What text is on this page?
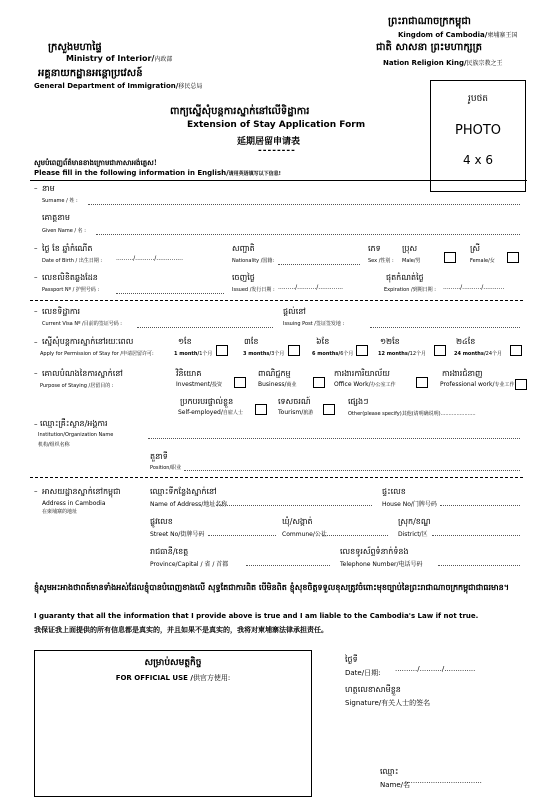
ក្រសួងមហាផ្ទៃ
Ministry of Interior/内政部
អគ្គនាយកដ្ឋានអន្តោប្រវេសន៍
General Department of Immigration/移民总局
ព្រះរាជាណាចក្រកម្ពុជា
Kingdom of Cambodia/柬埔寨王国
ជាតិ សាសនា ព្រះមហាក្សត្រ
Nation Religion King/民族宗教之王
រូបថត
PHOTO
4 x 6
ពាក្យស្នើសុំបន្តការស្នាក់នៅលើទិដ្ឋាការ
Extension of Stay Application Form
延期居留申请表
--------
សូមបំពេញព័ត៌មានខាងក្រោមជាភាសាអង់គ្លេស!
Please fill in the following information in English/请用英语填写以下信息!
– នាម
Surname / 姓 :
គោត្តនាម
Given Name / 名 :
– ថ្ងៃ ខែ ឆ្នាំកំណើត
Date of Birth / 出生日期 : ........./........../..............
សញ្ជាតិ
Nationality /国籍:
ភេទ
Sex /性别 :
ប្រុស
Male/男
ស្រី
Female/女
– លេខលិខិតឆ្លងដែន
Passport Nº / 护照号码 :
ចេញថ្ងៃ
Issued /发行日期 : ........./........../.............
ផុតកំណត់ថ្ងៃ
Expiration /到期日期 : ........./........../...........
– លេខទិដ្ឋាការ
Current Visa Nº /目前的签证号码 :
ផ្តល់នៅ
Issuing Post /签证签发地 :
– ស្នើសុំបន្តការស្នាក់នៅរយៈពេល
Apply for Permission of Stay for /申请居留许可:
១ខែ
1 month/1个月
៣ខែ
3 months/3个月
៦ខែ
6 months/6个月
១២ខែ
12 months/12个月
២៤ខែ
24 months/24个月
– គោលបំណងនៃការស្នាក់នៅ
Purpose of Staying /居留目的 :
វិនិយោគ
Investment/投资
ពាណិជ្ជកម្ម
Business/商业
ការងារការិយាល័យ
Office Work/办公室工作
ការងារជំនាញ
Professional work/专业工作
ប្រកបរបរផ្ទាល់ខ្លួន
Self-employed/自雇人士
ទេសចរណ៍
Tourism/旅游
ផ្សេងៗ
Other(please specify)其他(请明确说明)......................
– ឈ្មោះគ្រឹះស្ថាន/អង្គការ
Institution/Organization Name
机构/组织名称
តួនាទី
Position/职业
– អាសយដ្ឋានស្នាក់នៅកម្ពុជា
Address in Cambodia
在柬埔寨的地址
ឈ្មោះទីកន្លែងស្នាក់នៅ
Name of Address/地址名称
ផ្ទះលេខ
House No/门牌号码
ផ្លូវលេខ
Street No/街牌号码
ឃុំ/សង្កាត់
Commune/公社
ស្រុក/ខណ្ឌ
District/区
រាជធានី/ខេត្ត
Province/Capital / 省 / 首都
លេខទូរស័ព្ទទំនាក់ទំនង
Telephone Number/电话号码
ខ្ញុំសូមអះអាងថាពត៍មានទាំងអស់ដែលខ្ញុំបានបំពេញខាងលើ សុទ្ធតែជាការពិត បើមិនពិត ខ្ញុំសុខចិត្តទទួលខុសត្រូវចំពោះមុខច្បាប់នៃព្រះរាជាណាចក្រកម្ពុជាជាធរមាន។
I guaranty that all the information that I provide above is true and I am liable to the Cambodia's Law if not true.
我保证我上面提供的所有信息都是真实的，并且如果不是真实的，我将对柬埔寨法律承担责任。
សម្រាប់សមត្ថកិច្ច
FOR OFFICIAL USE /供官方使用:
ថ្ងៃទី
Date/日期: ........../........../..............
ហត្ថលេខាសាមីខ្លួន
Signature/有关人士的签名
ឈ្មោះ
Name/名
...................................
